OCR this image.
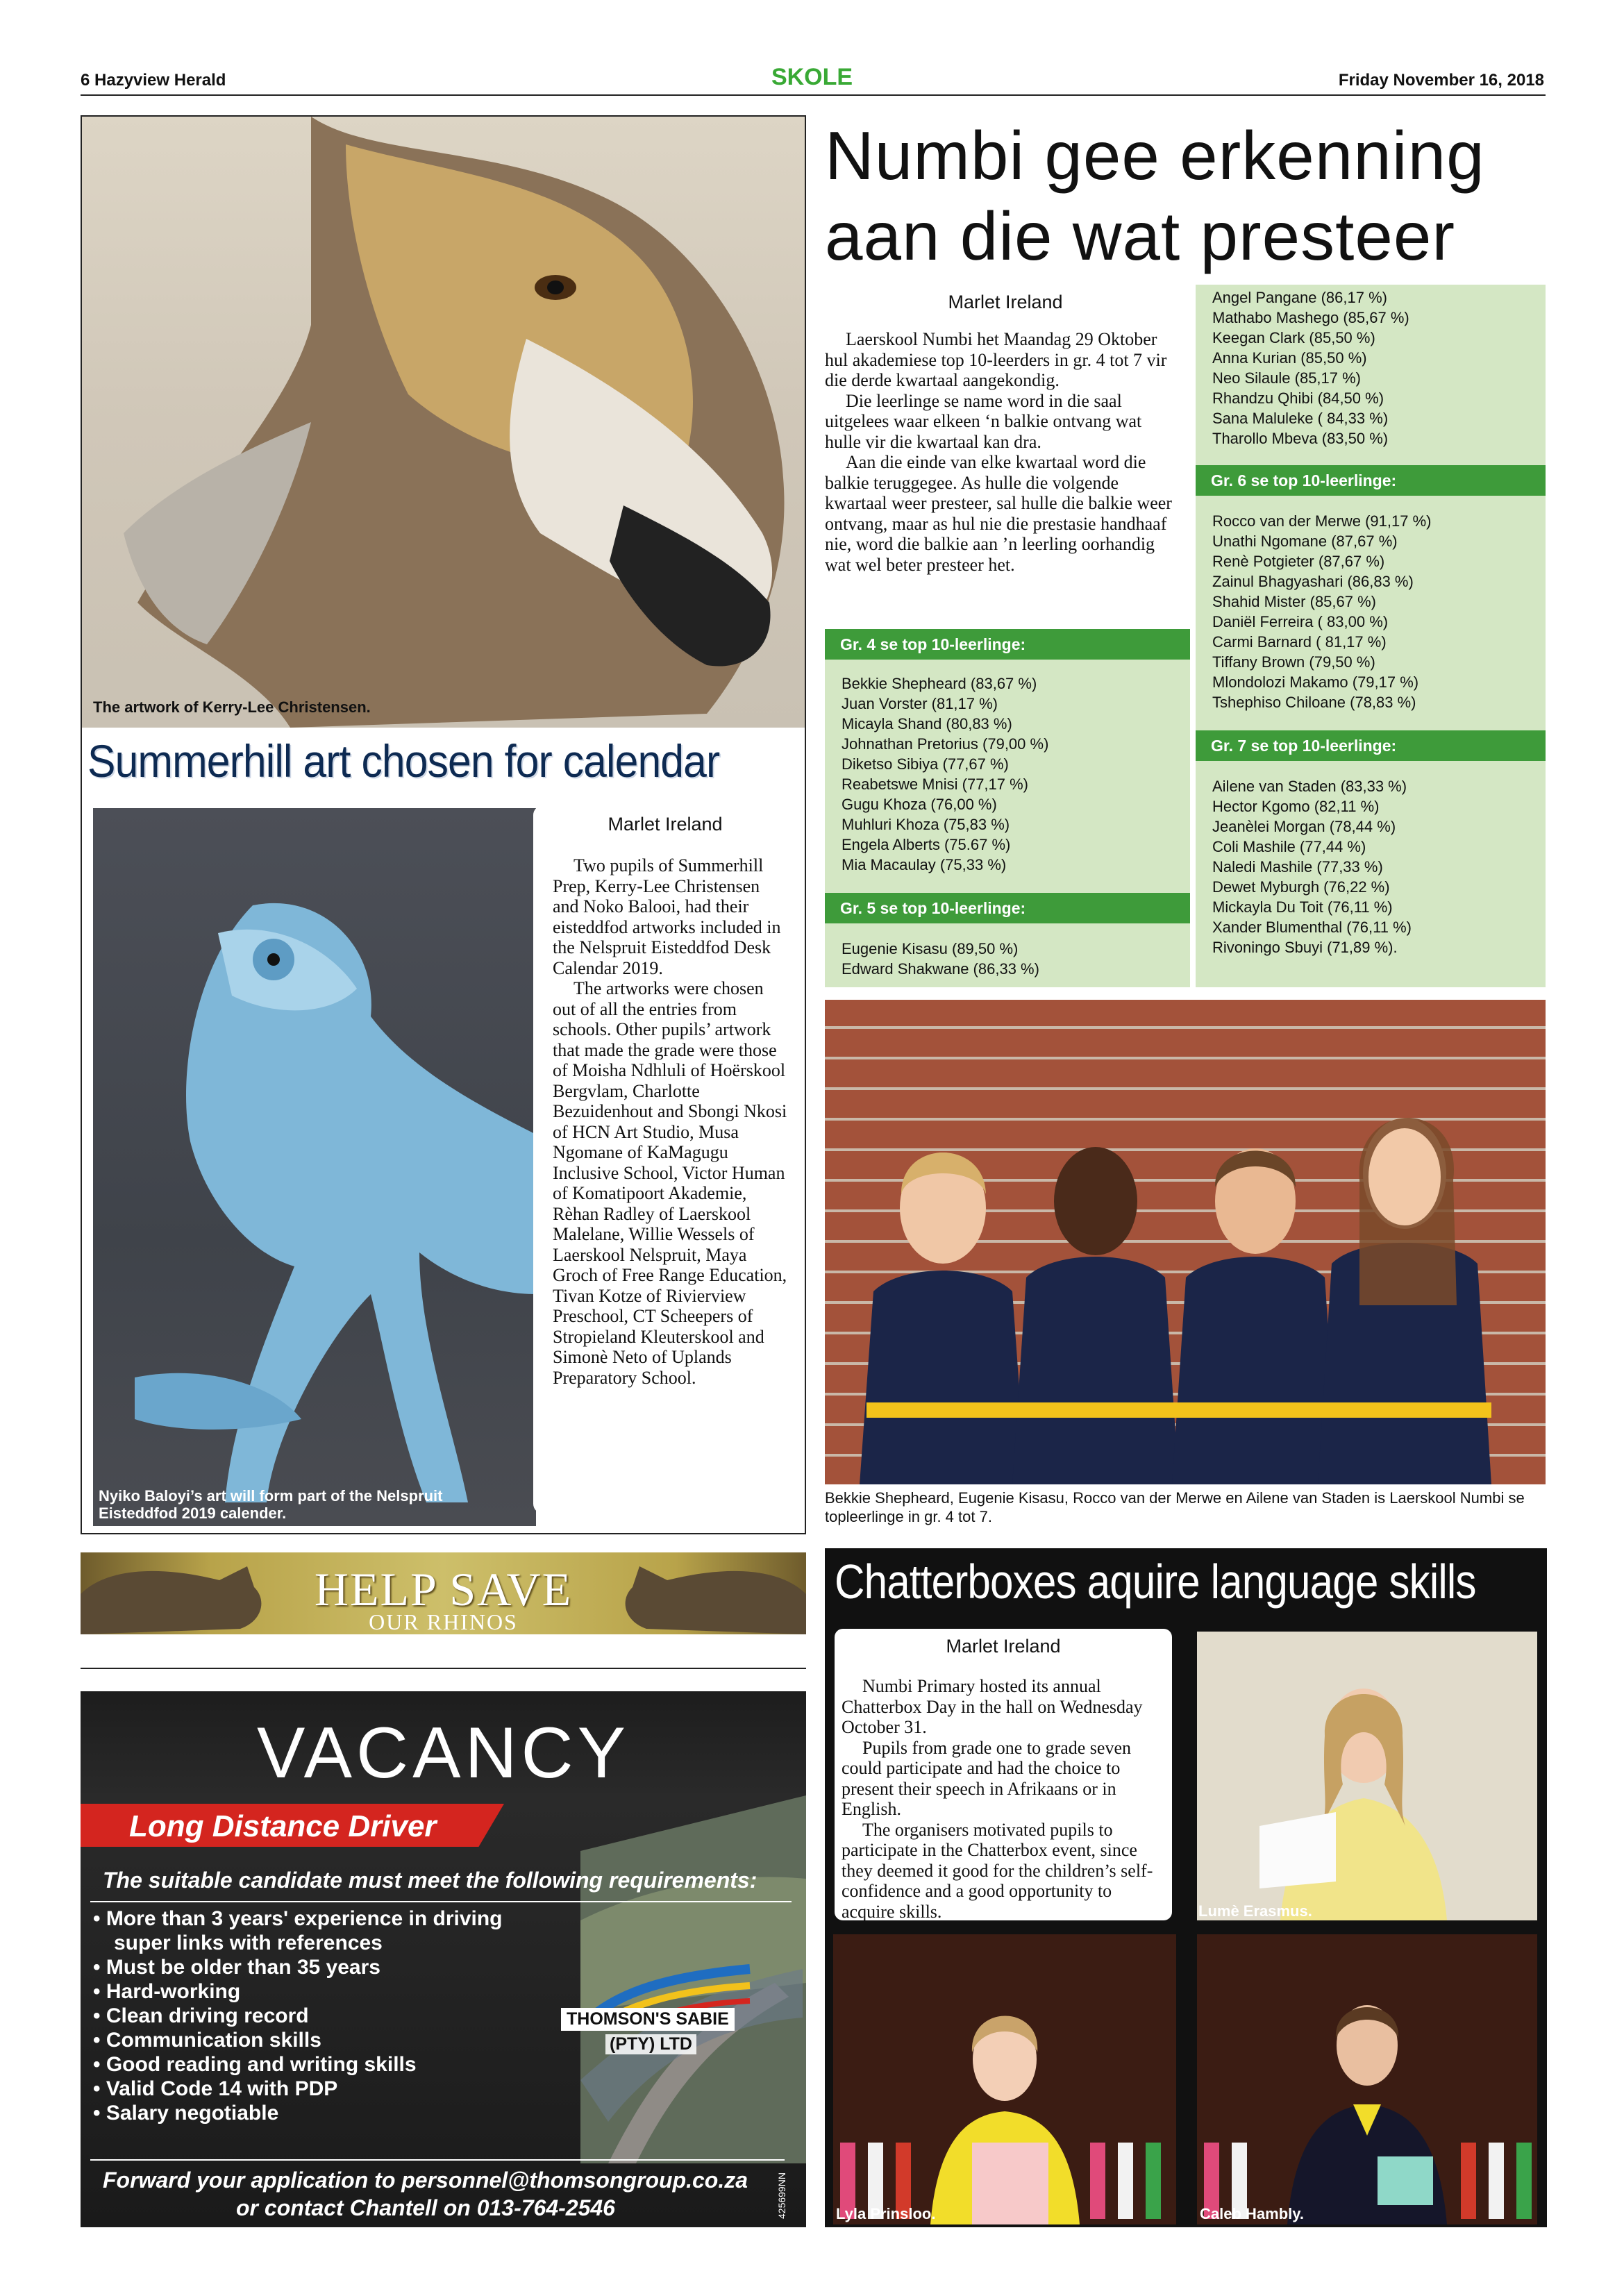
6 Hazyview Herald	SKOLE	Friday November 16, 2018
The artwork of Kerry-Lee Christensen.
Summerhill art chosen for calendar
Nyiko Baloyi’s art will form part of the Nelspruit Eisteddfod 2019 calender.
Marlet Ireland

Two pupils of Summerhill Prep, Kerry-Lee Christensen and Noko Balooi, had their eisteddfod artworks included in the Nelspruit Eisteddfod Desk Calendar 2019.

The artworks were chosen out of all the entries from schools. Other pupils’ artwork that made the grade were those of Moisha Ndhluli of Hoërskool Bergvlam, Charlotte Bezuidenhout and Sbongi Nkosi of HCN Art Studio, Musa Ngomane of KaMagugu Inclusive School, Victor Human of Komatipoort Akademie, Rèhan Radley of Laerskool Malelane, Willie Wessels of Laerskool Nelspruit, Maya Groch of Free Range Education, Tivan Kotze of Rivierview Preschool, CT Scheepers of Stropieland Kleuterskool and Simonè Neto of Uplands Preparatory School.

Numbi gee erkenning
aan die wat presteer
Marlet Ireland

Laerskool Numbi het Maandag 29 Oktober hul akademiese top 10-leerders in gr. 4 tot 7 vir die derde kwartaal aangekondig.

Die leerlinge se name word in die saal uitgelees waar elkeen ‘n balkie ontvang wat hulle vir die kwartaal kan dra.

Aan die einde van elke kwartaal word die balkie teruggegee. As hulle die volgende kwartaal weer presteer, sal hulle die balkie weer ontvang, maar as hul nie die prestasie handhaaf nie, word die balkie aan ’n leerling oorhandig wat wel beter presteer het.

Gr. 4 se top 10-leerlinge:
Bekkie Shepheard (83,67 %)
Juan Vorster (81,17 %)
Micayla Shand (80,83 %)
Johnathan Pretorius (79,00 %)
Diketso Sibiya (77,67 %)
Reabetswe Mnisi (77,17 %)
Gugu Khoza (76,00 %)
Muhluri Khoza (75,83 %)
Engela Alberts (75.67 %)
Mia Macaulay (75,33 %)
Gr. 5 se top 10-leerlinge:
Eugenie Kisasu (89,50 %)
Edward Shakwane (86,33 %)
Angel Pangane (86,17 %)
Mathabo Mashego (85,67 %)
Keegan Clark (85,50 %)
Anna Kurian (85,50 %)
Neo Silaule (85,17 %)
Rhandzu Qhibi (84,50 %)
Sana Maluleke ( 84,33 %)
Tharollo Mbeva (83,50 %)
Gr. 6 se top 10-leerlinge:
Rocco van der Merwe (91,17 %)
Unathi Ngomane (87,67 %)
Renè Potgieter (87,67 %)
Zainul Bhagyashari (86,83 %)
Shahid Mister (85,67 %)
Daniël Ferreira ( 83,00 %)
Carmi Barnard ( 81,17 %)
Tiffany Brown (79,50 %)
Mlondolozi Makamo (79,17 %)
Tshephiso Chiloane (78,83 %)
Gr. 7 se top 10-leerlinge:
Ailene van Staden (83,33 %)
Hector Kgomo (82,11 %)
Jeanèlei Morgan (78,44 %)
Coli Mashile (77,44 %)
Naledi Mashile (77,33 %)
Dewet Myburgh (76,22 %)
Mickayla Du Toit (76,11 %)
Xander Blumenthal (76,11 %)
Rivoningo Sbuyi (71,89 %).
Bekkie Shepheard, Eugenie Kisasu, Rocco van der Merwe en Ailene van Staden is Laerskool Numbi se topleerlinge in gr. 4 tot 7.
HELP SAVE
OUR RHINOS
VACANCY
Long Distance Driver
The suitable candidate must meet the following requirements:
• More than 3 years' experience in driving
super links with references
• Must be older than 35 years
• Hard-working
• Clean driving record
• Communication skills
• Good reading and writing skills
• Valid Code 14 with PDP
• Salary negotiable
THOMSON'S SABIE
(PTY) LTD
Forward your application to personnel@thomsongroup.co.za
or contact Chantell on 013-764-2546	425699NN
Chatterboxes aquire language skills
Marlet Ireland

Numbi Primary hosted its annual Chatterbox Day in the hall on Wednesday October 31.

Pupils from grade one to grade seven could participate and had the choice to present their speech in Afrikaans or in English.

The organisers motivated pupils to participate in the Chatterbox event, since they deemed it good for the children’s self-confidence and a good opportunity to acquire skills.	Lumè Erasmus.
Lyla Prinsloo.	Caleb Hambly.
